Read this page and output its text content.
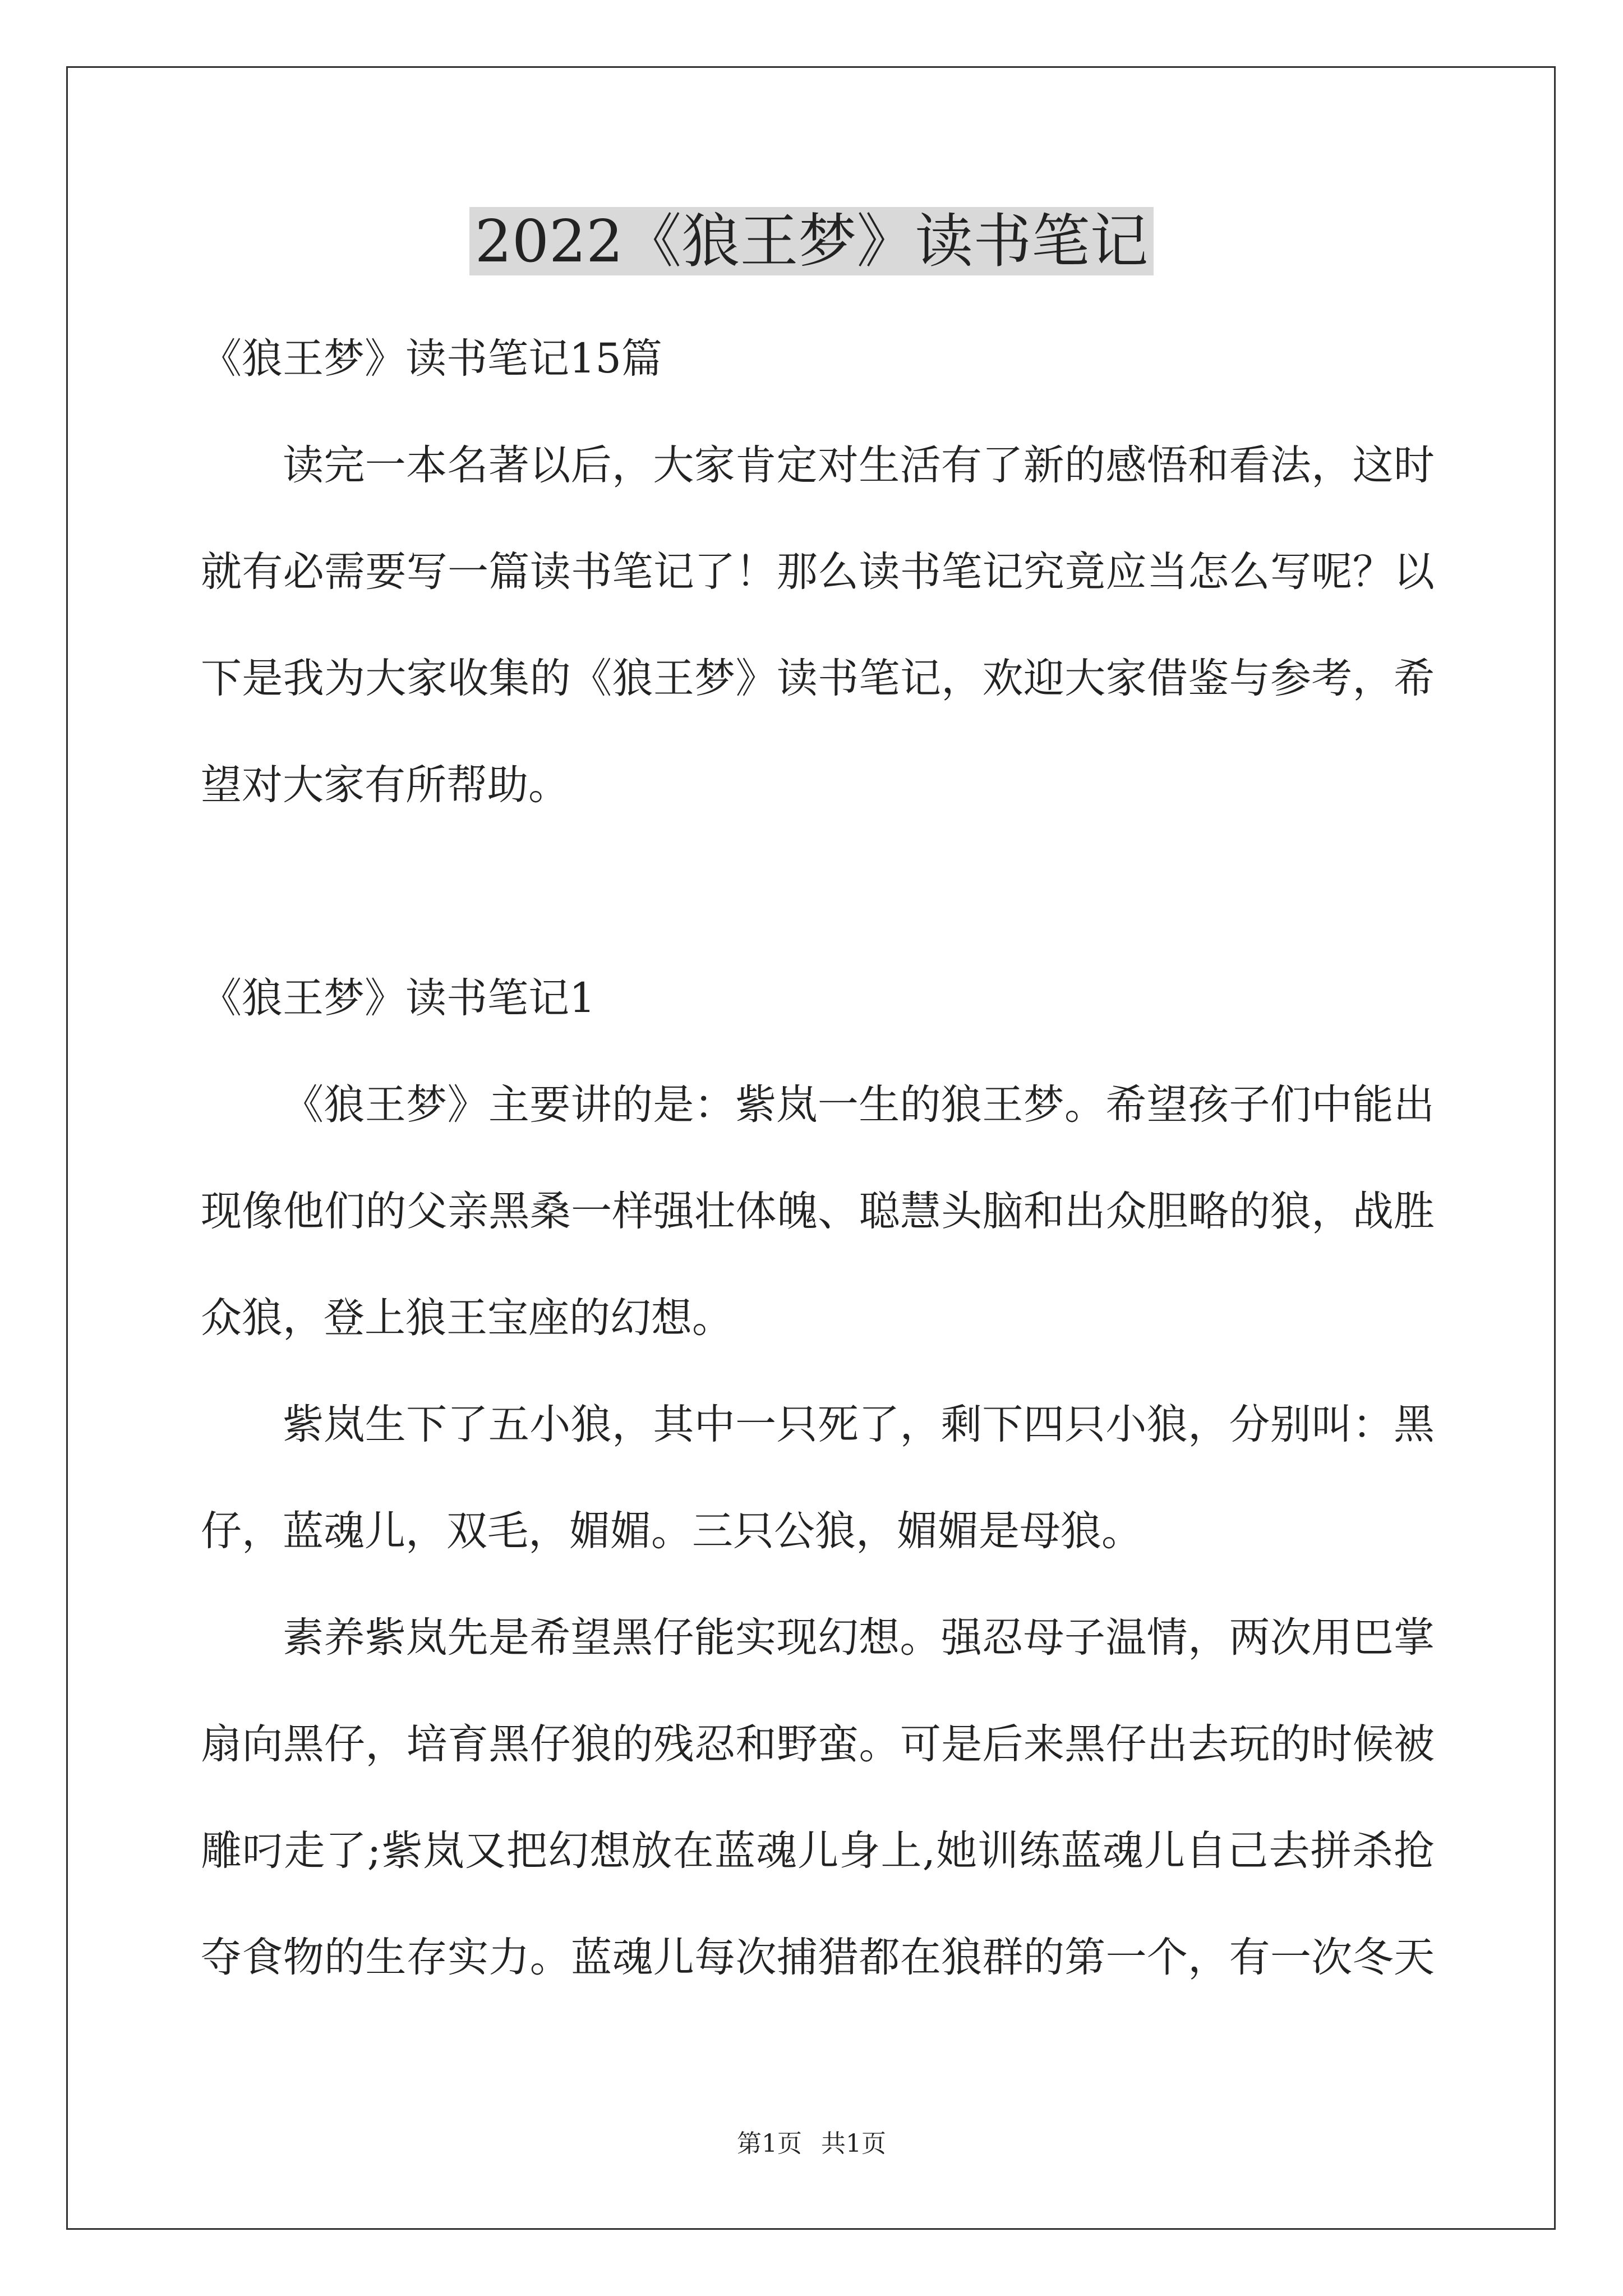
2022《狼王梦》读书笔记
《狼王梦》读书笔记15篇
读完一本名著以后，大家肯定对生活有了新的感悟和看法，这时
就有必需要写一篇读书笔记了！那么读书笔记究竟应当怎么写呢？以
下是我为大家收集的《狼王梦》读书笔记，欢迎大家借鉴与参考，希
望对大家有所帮助。
《狼王梦》读书笔记1
《狼王梦》主要讲的是：紫岚一生的狼王梦。希望孩子们中能出
现像他们的父亲黑桑一样强壮体魄、聪慧头脑和出众胆略的狼，战胜
众狼，登上狼王宝座的幻想。
紫岚生下了五小狼，其中一只死了，剩下四只小狼，分别叫：黑
仔，蓝魂儿，双毛，媚媚。三只公狼，媚媚是母狼。
素养紫岚先是希望黑仔能实现幻想。强忍母子温情，两次用巴掌
扇向黑仔，培育黑仔狼的残忍和野蛮。可是后来黑仔出去玩的时候被
雕叼走了;紫岚又把幻想放在蓝魂儿身上,她训练蓝魂儿自己去拼杀抢
夺食物的生存实力。蓝魂儿每次捕猎都在狼群的第一个，有一次冬天
第1页 共1页
